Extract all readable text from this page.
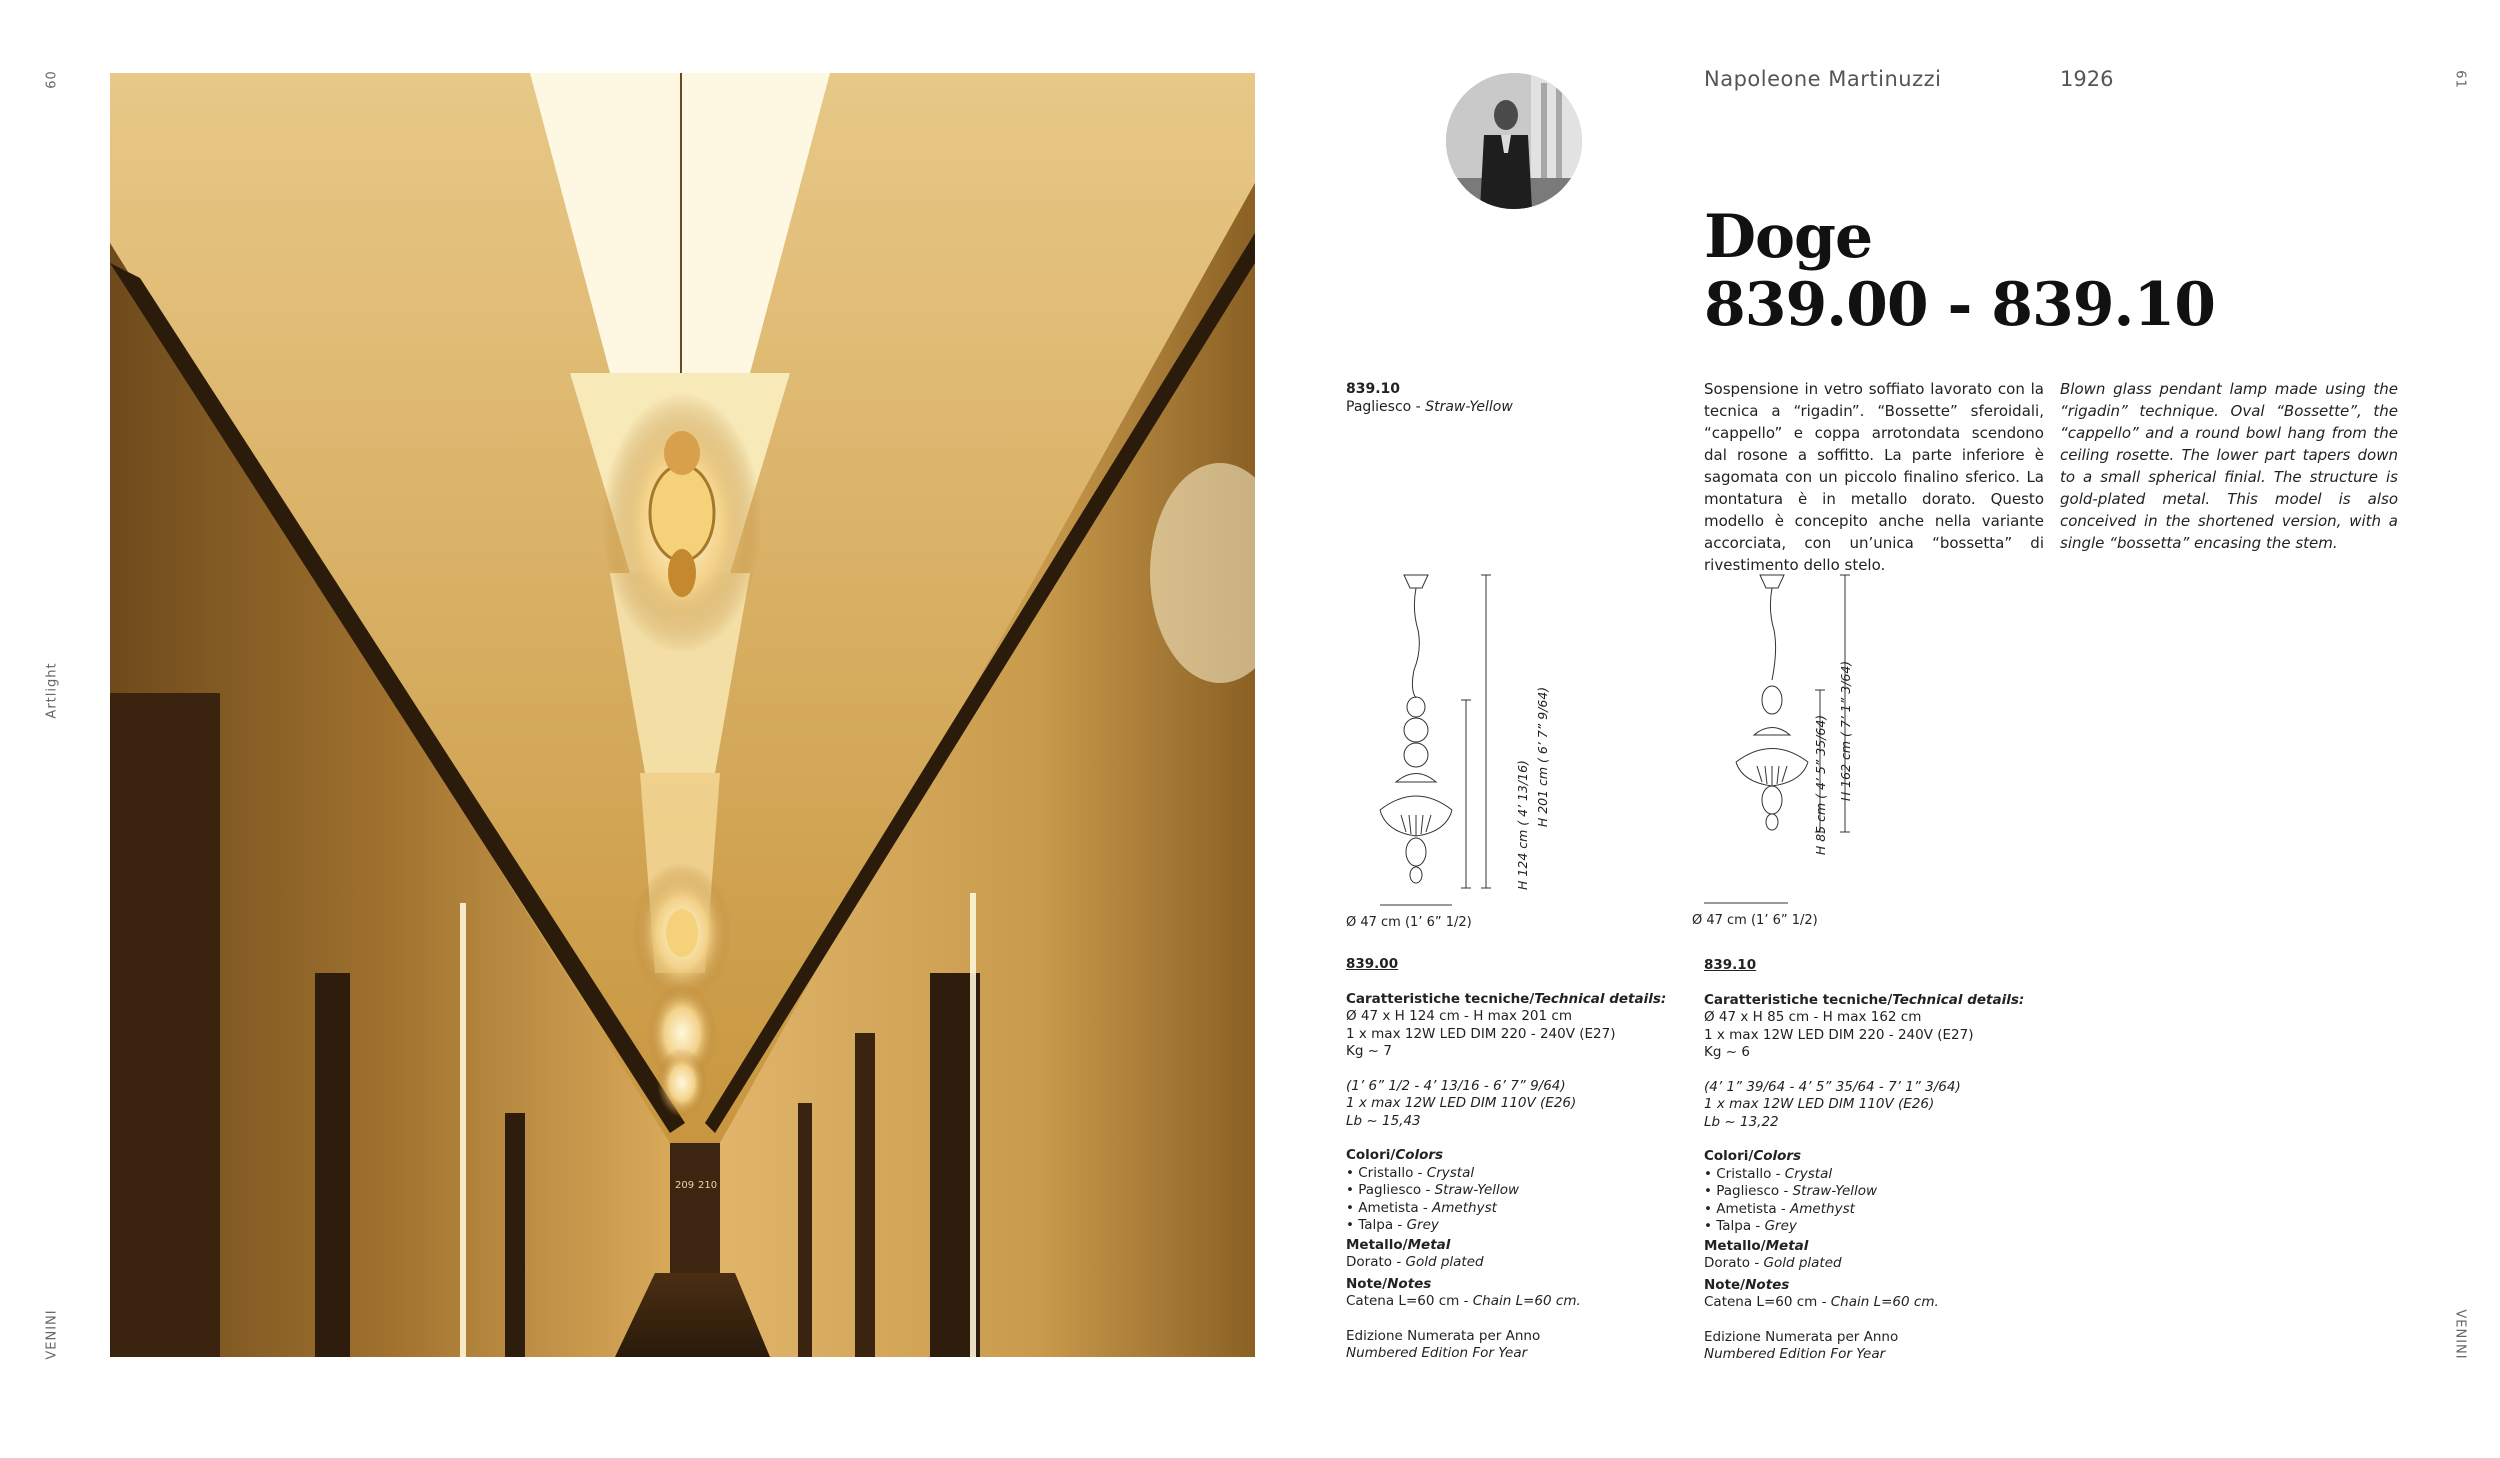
60
Artlight
VENINI
61
VENINI
209 210
Napoleone Martinuzzi	1926
Doge
839.00 - 839.10
839.10
Pagliesco - Straw-Yellow
Sospensione in vetro soffiato lavorato con la tecnica a “rigadin”. “Bossette” sferoidali, “cappello” e coppa arrotondata scendono dal rosone a soffitto. La parte inferiore è sagomata con un piccolo finalino sferico. La montatura è in metallo dorato. Questo modello è concepito anche nella variante accorciata, con un’unica “bossetta” di rivestimento dello stelo.
Blown glass pendant lamp made using the “rigadin” technique. Oval “Bossette”, the “cappello” and a round bowl hang from the ceiling rosette. The lower part tapers down to a small spherical finial. The structure is gold-plated metal. This model is also conceived in the shortened version, with a single “bossetta” encasing the stem.
H 124 cm ( 4’ 13/16) H 201 cm ( 6’ 7” 9/64)
Ø 47 cm (1’ 6” 1/2)
H 85 cm ( 4’ 5” 35/64) H 162 cm ( 7’ 1” 3/64)
Ø 47 cm (1’ 6” 1/2)
839.00
Caratteristiche tecniche/Technical details:
Ø 47 x H 124 cm - H max 201 cm
1 x max 12W LED DIM 220 - 240V (E27)
Kg ~ 7
(1’ 6” 1/2 - 4’ 13/16 - 6’ 7” 9/64)
1 x max 12W LED DIM 110V (E26)
Lb ~ 15,43
Colori/Colors
• Cristallo - Crystal
• Pagliesco - Straw-Yellow
• Ametista - Amethyst
• Talpa - Grey
Metallo/Metal
Dorato - Gold plated
Note/Notes
Catena L=60 cm - Chain L=60 cm.
Edizione Numerata per Anno
Numbered Edition For Year
839.10
Caratteristiche tecniche/Technical details:
Ø 47 x H 85 cm - H max 162 cm
1 x max 12W LED DIM 220 - 240V (E27)
Kg ~ 6
(4’ 1” 39/64 - 4’ 5” 35/64 - 7’ 1” 3/64)
1 x max 12W LED DIM 110V (E26)
Lb ~ 13,22
Colori/Colors
• Cristallo - Crystal
• Pagliesco - Straw-Yellow
• Ametista - Amethyst
• Talpa - Grey
Metallo/Metal
Dorato - Gold plated
Note/Notes
Catena L=60 cm - Chain L=60 cm.
Edizione Numerata per Anno
Numbered Edition For Year
